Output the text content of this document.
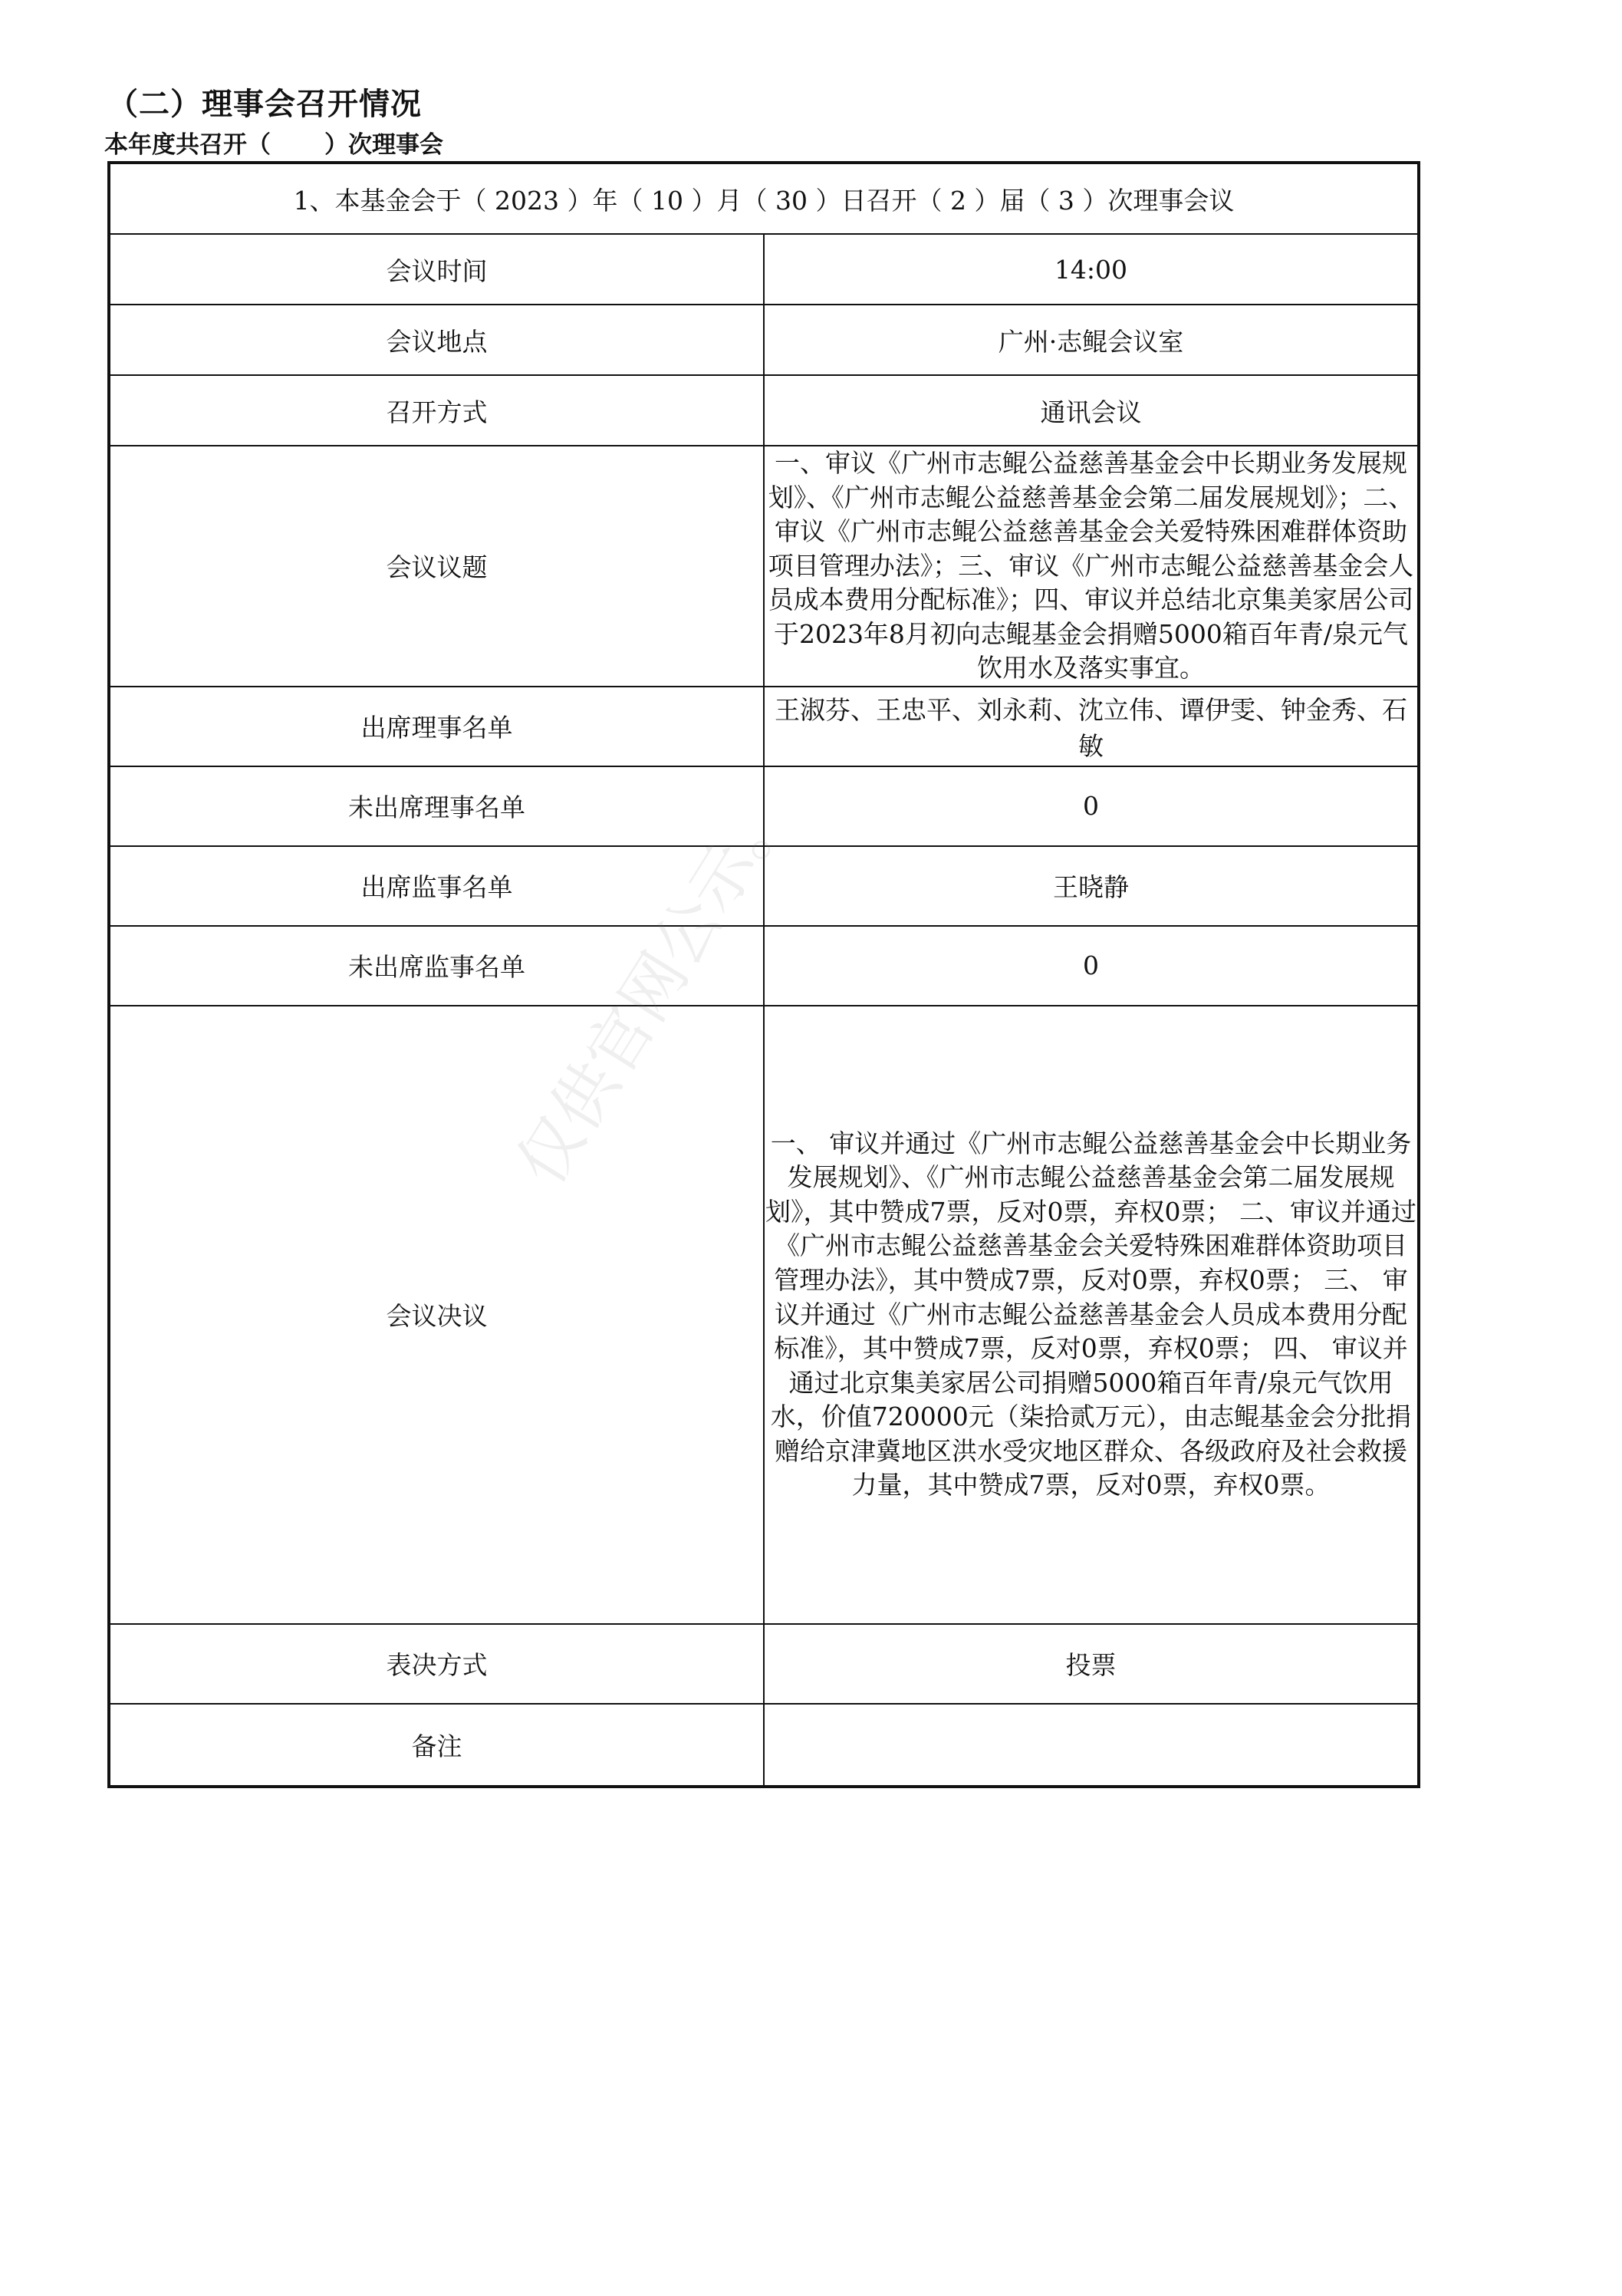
（二）理事会召开情况
本年度共召开（ ）次理事会
1、本基金会于（ 2023 ）年（ 10 ）月（ 30 ）日召开（ 2 ）届（ 3 ）次理事会议	
会议时间	14:00
会议地点	广州·志鲲会议室
召开方式	通讯会议
会议议题	一、审议《广州市志鲲公益慈善基金会中长期业务发展规划》、《广州市志鲲公益慈善基金会第二届发展规划》；二、审议《广州市志鲲公益慈善基金会关爱特殊困难群体资助项目管理办法》；三、审议《广州市志鲲公益慈善基金会人员成本费用分配标准》；四、审议并总结北京集美家居公司于2023年8月初向志鲲基金会捐赠5000箱百年青/泉元气饮用水及落实事宜。
出席理事名单	王淑芬、王忠平、刘永莉、沈立伟、谭伊雯、钟金秀、石敏
未出席理事名单	0
出席监事名单	王晓静
未出席监事名单	0
会议决议	一、 审议并通过《广州市志鲲公益慈善基金会中长期业务发展规划》、《广州市志鲲公益慈善基金会第二届发展规划》，其中赞成7票，反对0票，弃权0票； 二、审议并通过《广州市志鲲公益慈善基金会关爱特殊困难群体资助项目管理办法》，其中赞成7票，反对0票，弃权0票； 三、 审议并通过《广州市志鲲公益慈善基金会人员成本费用分配标准》，其中赞成7票，反对0票，弃权0票； 四、 审议并通过北京集美家居公司捐赠5000箱百年青/泉元气饮用水，价值720000元（柒拾贰万元），由志鲲基金会分批捐赠给京津冀地区洪水受灾地区群众、各级政府及社会救援力量，其中赞成7票，反对0票，弃权0票。
表决方式	投票
备注	
仅供官网公示。
